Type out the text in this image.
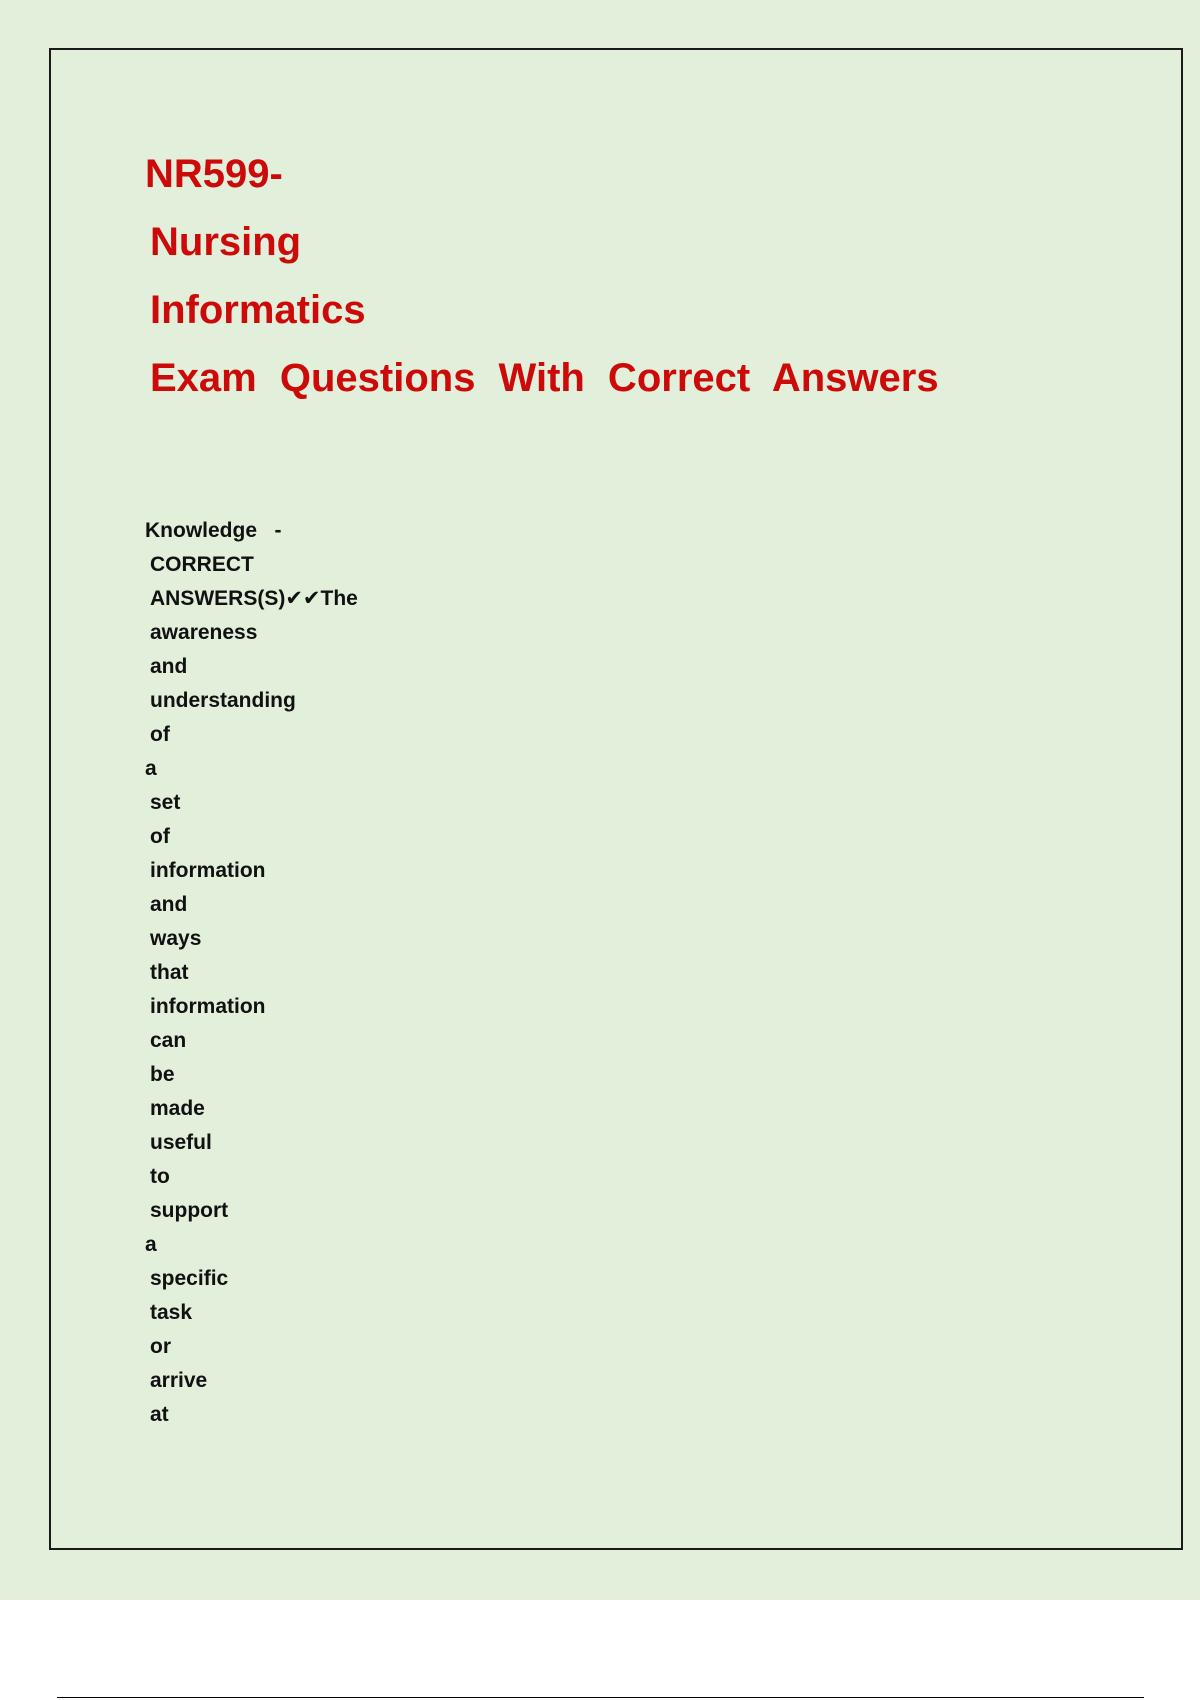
NR599-
Nursing
Informatics
Exam Questions With Correct Answers
Knowledge   -
CORRECT
ANSWERS(S)✔✔The
awareness
and
understanding
of
a
set
of
information
and
ways
that
information
can
be
made
useful
to
support
a
specific
task
or
arrive
at
